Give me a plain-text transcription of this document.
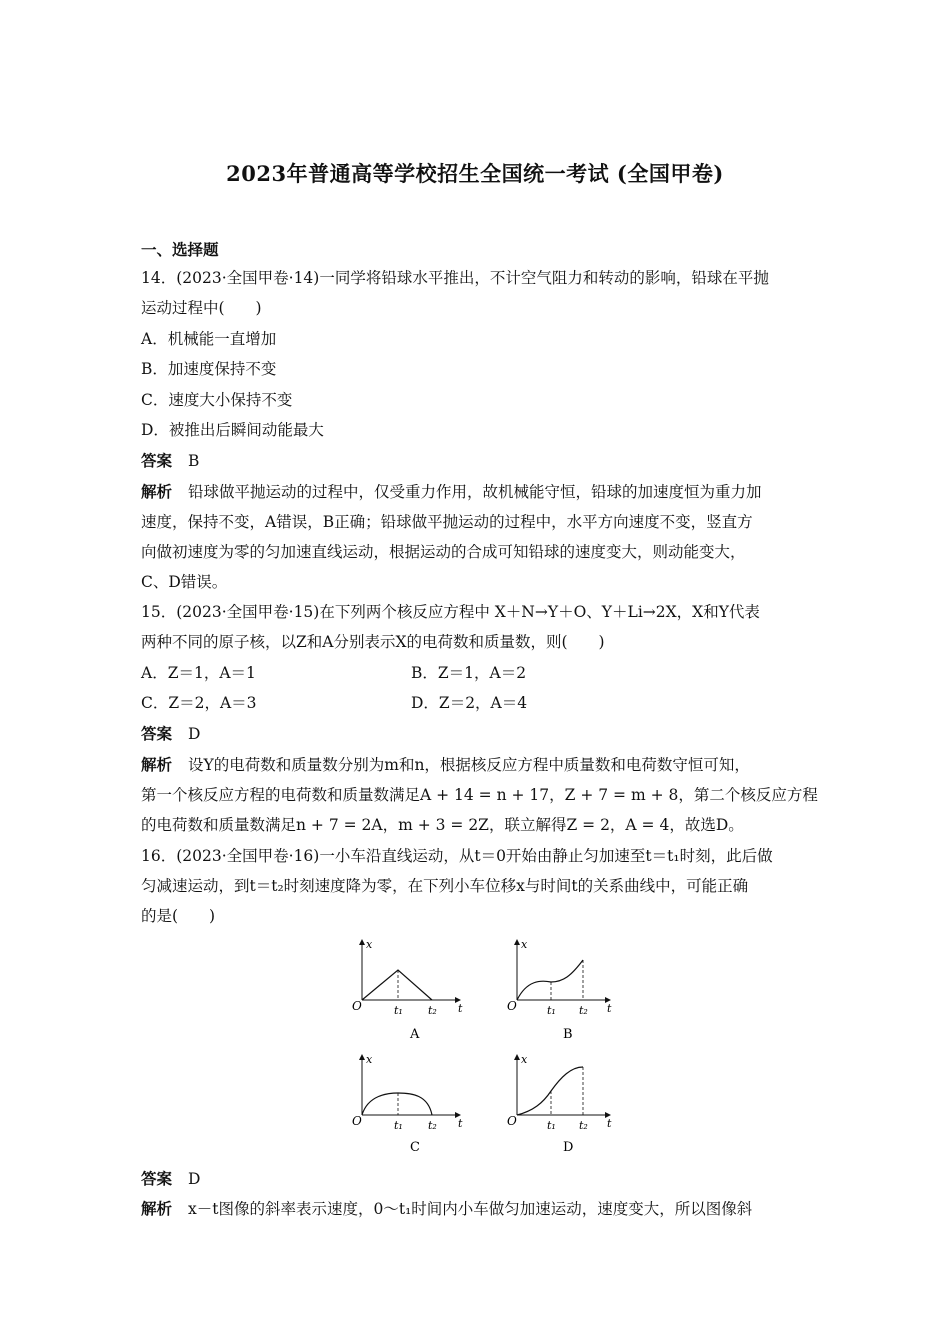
2023年普通高等学校招生全国统一考试 (全国甲卷)
一、选择题
14．(2023·全国甲卷·14)一同学将铅球水平推出，不计空气阻力和转动的影响，铅球在平抛
运动过程中(　　)
A．机械能一直增加
B．加速度保持不变
C．速度大小保持不变
D．被推出后瞬间动能最大
答案 B
解析 铅球做平抛运动的过程中，仅受重力作用，故机械能守恒，铅球的加速度恒为重力加
速度，保持不变，A错误，B正确；铅球做平抛运动的过程中，水平方向速度不变，竖直方
向做初速度为零的匀加速直线运动，根据运动的合成可知铅球的速度变大，则动能变大，
C、D错误。
15．(2023·全国甲卷·15)在下列两个核反应方程中 X＋N→Y＋O、Y＋Li→2X，X和Y代表
两种不同的原子核，以Z和A分别表示X的电荷数和质量数，则(　　)
A．Z＝1，A＝1	B．Z＝1，A＝2
C．Z＝2，A＝3	D．Z＝2，A＝4
答案 D
解析 设Y的电荷数和质量数分别为m和n，根据核反应方程中质量数和电荷数守恒可知，
第一个核反应方程的电荷数和质量数满足A + 14 = n + 17，Z + 7 = m + 8，第二个核反应方程
的电荷数和质量数满足n + 7 = 2A，m + 3 = 2Z，联立解得Z = 2，A = 4，故选D。
16．(2023·全国甲卷·16)一小车沿直线运动，从t＝0开始由静止匀加速至t＝t₁时刻，此后做
匀减速运动，到t＝t₂时刻速度降为零，在下列小车位移x与时间t的关系曲线中，可能正确
的是(　　)
O
x
t
t₁ t₂
A
O
x
t
t₁ t₂
B
O
x
t
t₁ t₂
C
O
x
t
t₁ t₂
D
答案 D
解析 x－t图像的斜率表示速度，0～t₁时间内小车做匀加速运动，速度变大，所以图像斜
